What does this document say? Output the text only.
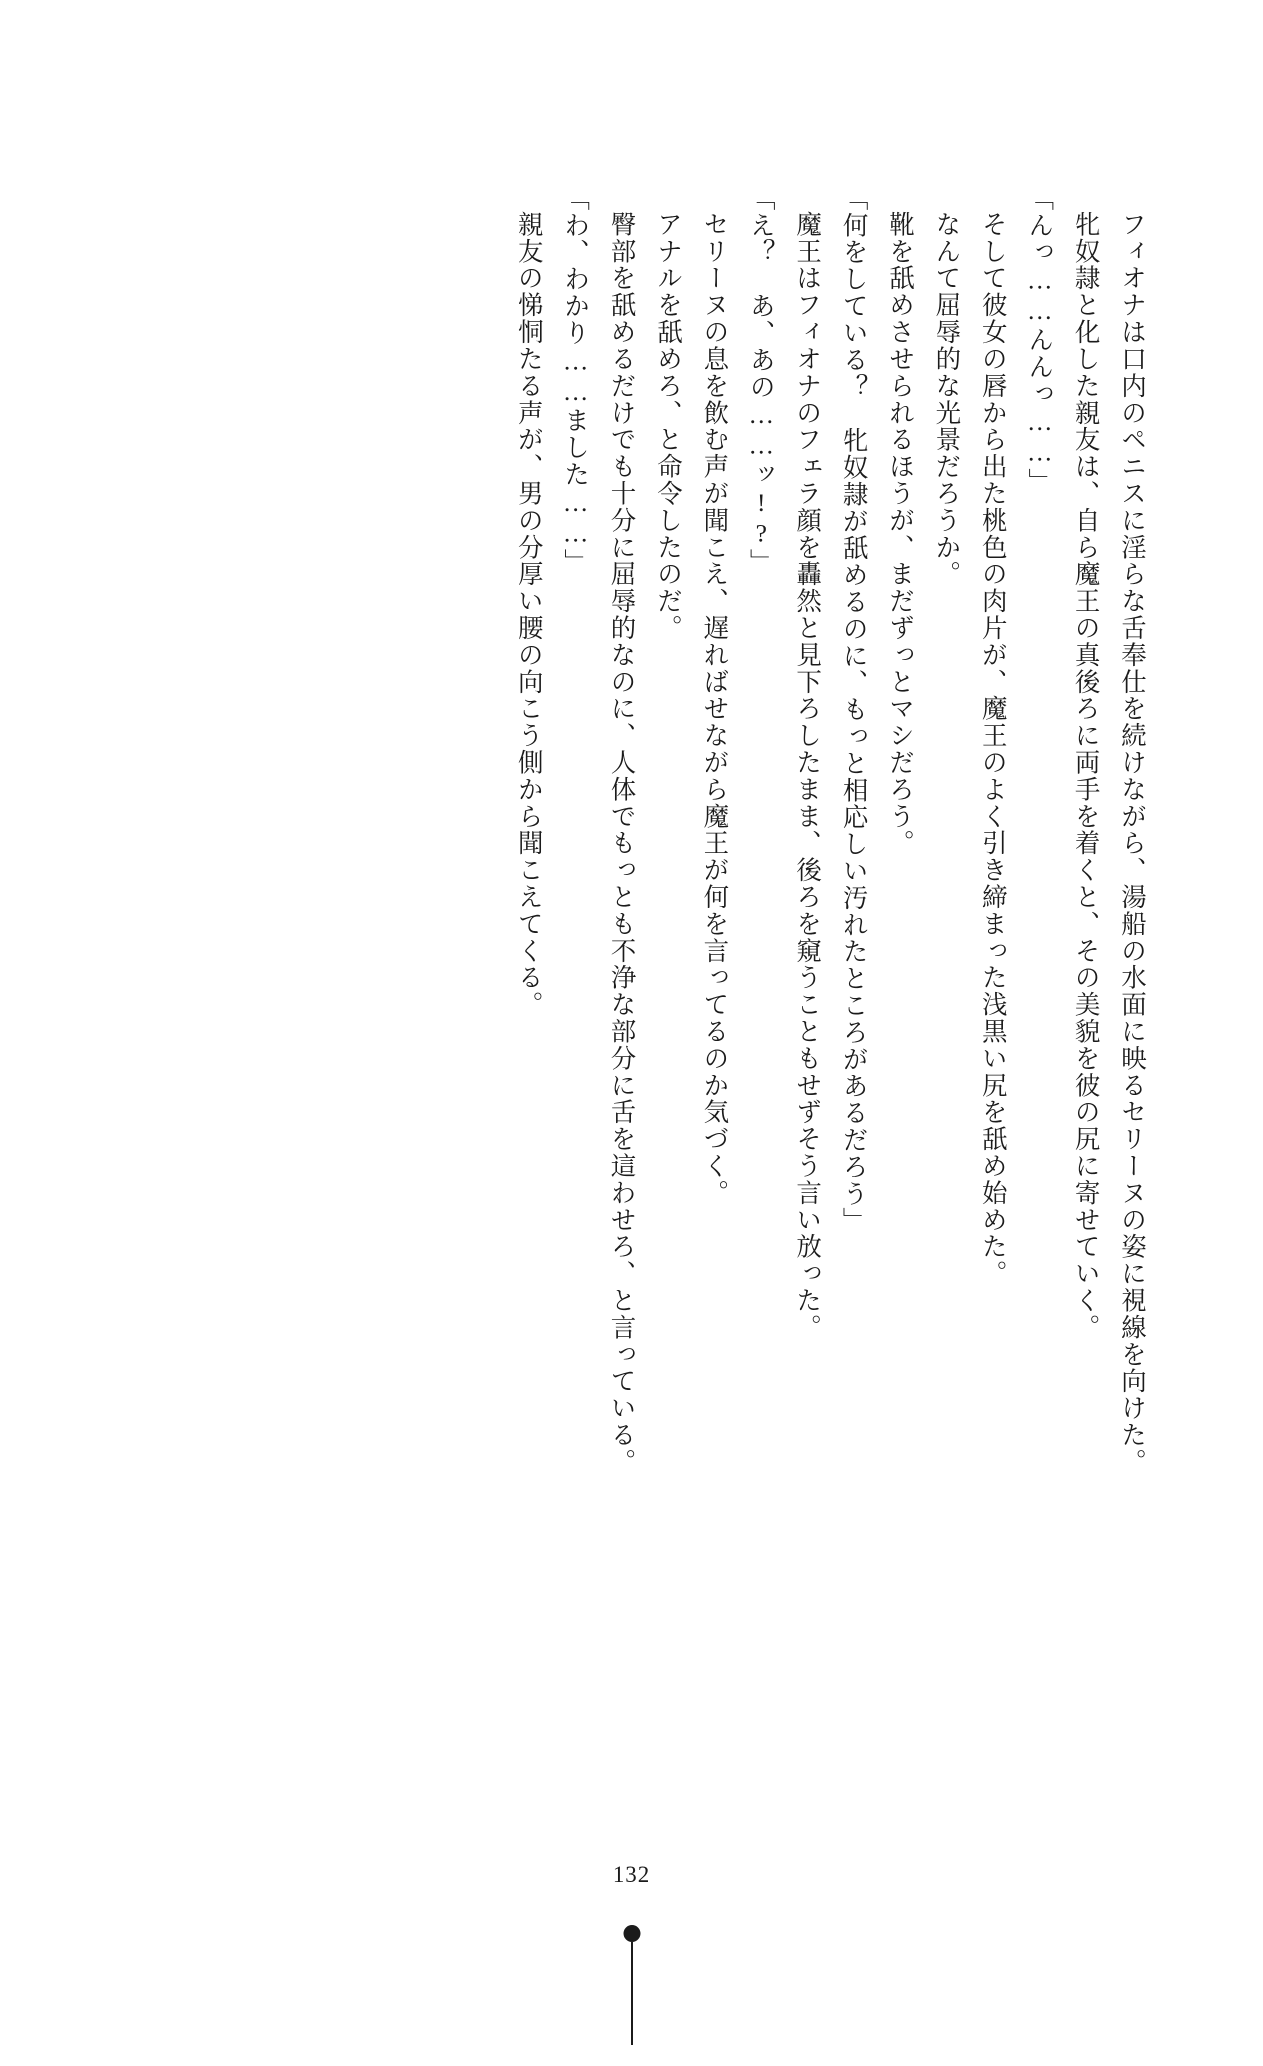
フィオナは口内のペニスに淫らな舌奉仕を続けながら、湯船の水面に映るセリーヌの姿に視線を向けた。

牝奴隷と化した親友は、自ら魔王の真後ろに両手を着くと、その美貌を彼の尻に寄せていく。

「んっ……んんっ……」

そして彼女の唇から出た桃色の肉片が、魔王のよく引き締まった浅黒い尻を舐め始めた。

なんて屈辱的な光景だろうか。

靴を舐めさせられるほうが、まだずっとマシだろう。

「何をしている？　牝奴隷が舐めるのに、もっと相応しい汚れたところがあるだろう」

魔王はフィオナのフェラ顔を轟然と見下ろしたまま、後ろを窺うこともせずそう言い放った。

「え？　あ、あの……ッ!?」

セリーヌの息を飲む声が聞こえ、遅ればせながら魔王が何を言ってるのか気づく。

アナルを舐めろ、と命令したのだ。

臀部を舐めるだけでも十分に屈辱的なのに、人体でもっとも不浄な部分に舌を這わせろ、と言っている。

「わ、わかり……ました……」

親友の悌恫たる声が、男の分厚い腰の向こう側から聞こえてくる。

132
